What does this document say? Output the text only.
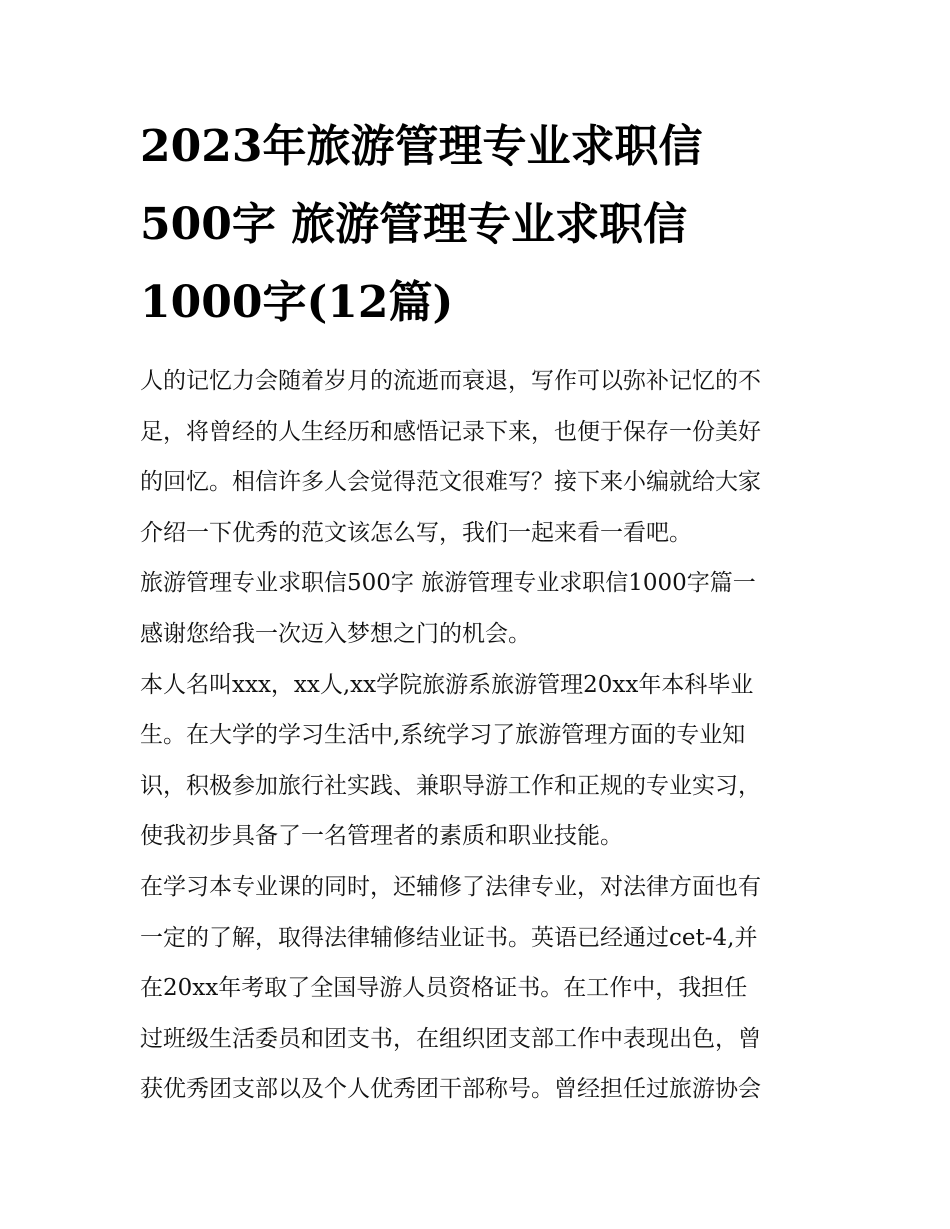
2023年旅游管理专业求职信
500字 旅游管理专业求职信
1000字(12篇)
人的记忆力会随着岁月的流逝而衰退，写作可以弥补记忆的不
足，将曾经的人生经历和感悟记录下来，也便于保存一份美好
的回忆。相信许多人会觉得范文很难写？接下来小编就给大家
介绍一下优秀的范文该怎么写，我们一起来看一看吧。
旅游管理专业求职信500字 旅游管理专业求职信1000字篇一
感谢您给我一次迈入梦想之门的机会。
本人名叫xxx，xx人,xx学院旅游系旅游管理20xx年本科毕业
生。在大学的学习生活中,系统学习了旅游管理方面的专业知
识，积极参加旅行社实践、兼职导游工作和正规的专业实习，
使我初步具备了一名管理者的素质和职业技能。
在学习本专业课的同时，还辅修了法律专业，对法律方面也有
一定的了解，取得法律辅修结业证书。英语已经通过cet-4,并
在20xx年考取了全国导游人员资格证书。在工作中，我担任
过班级生活委员和团支书，在组织团支部工作中表现出色，曾
获优秀团支部以及个人优秀团干部称号。曾经担任过旅游协会
